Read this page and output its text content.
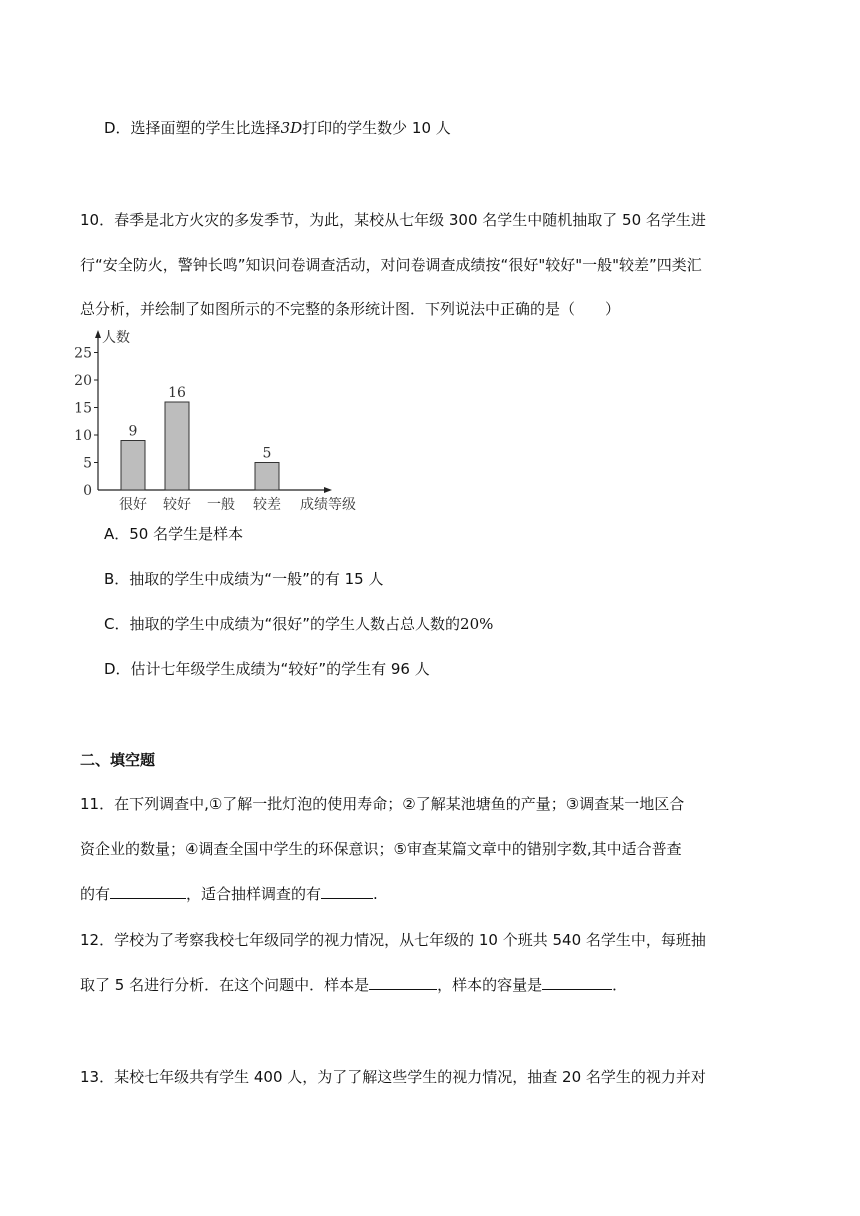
D．选择面塑的学生比选择3D打印的学生数少 10 人
10．春季是北方火灾的多发季节，为此，某校从七年级 300 名学生中随机抽取了 50 名学生进
行“安全防火，警钟长鸣”知识问卷调查活动，对问卷调查成绩按“很好"较好"一般"较差”四类汇
总分析，并绘制了如图所示的不完整的条形统计图．下列说法中正确的是（　　）
人数
0
5
10
15
20
25
9
很好
16
较好 一般
5
较差 成绩等级
A．50 名学生是样本
B．抽取的学生中成绩为“一般”的有 15 人
C．抽取的学生中成绩为“很好”的学生人数占总人数的20%
D．估计七年级学生成绩为“较好”的学生有 96 人
二、填空题
11．在下列调查中,①了解一批灯泡的使用寿命；②了解某池塘鱼的产量；③调查某一地区合
资企业的数量；④调查全国中学生的环保意识；⑤审查某篇文章中的错别字数,其中适合普查
的有	，适合抽样调查的有	.
12．学校为了考察我校七年级同学的视力情况，从七年级的 10 个班共 540 名学生中，每班抽
取了 5 名进行分析．在这个问题中．样本是	，样本的容量是	．
13．某校七年级共有学生 400 人，为了了解这些学生的视力情况，抽查 20 名学生的视力并对
